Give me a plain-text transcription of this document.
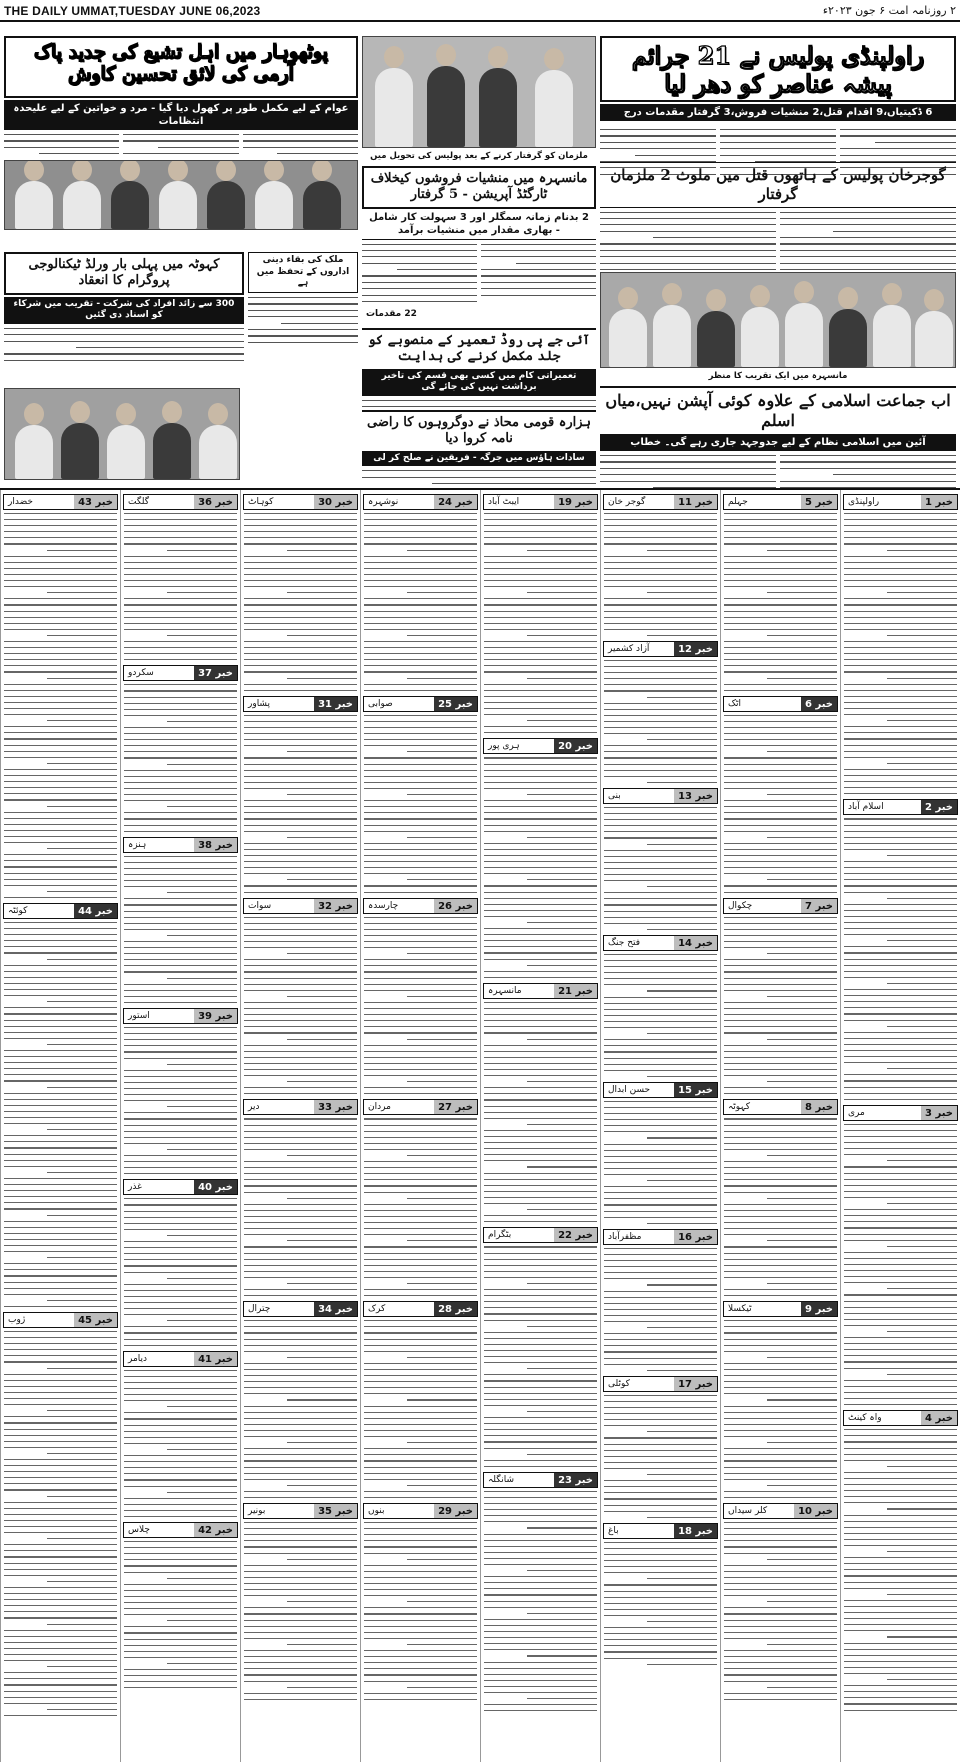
THE DAILY UMMAT,TUESDAY JUNE 06,2023	۲ روزنامہ امت ۶ جون ۲۰۲۳ء
راولپنڈی پولیس نے 21 جرائم پیشہ عناصر کو دھر لیا
6 ڈکیتیاں،9 اقدام قتل،2 منشیات فروش،3 گرفتار مقدمات درج
گوجرخان پولیس کے ہاتھوں قتل میں ملوث 2 ملزمان گرفتار
مانسہرہ میں ایک تقریب کا منظر
اب جماعت اسلامی کے علاوہ کوئی آپشن نہیں،میاں اسلم
آئین میں اسلامی نظام کے لیے جدوجہد جاری رہے گی۔ خطاب
ملزمان کو گرفتار کرنے کے بعد پولیس کی تحویل میں
مانسہرہ میں منشیات فروشوں کیخلاف ٹارگٹڈ آپریشن - 5 گرفتار
2 بدنام زمانہ سمگلر اور 3 سہولت کار شامل - بھاری مقدار میں منشیات برآمد
22 مقدمات
آئی جے پی روڈ تعمیر کے منصوبے کو جلد مکمل کرنے کی ہدایت
تعمیراتی کام میں کسی بھی قسم کی تاخیر برداشت نہیں کی جائے گی
ہزارہ قومی محاذ نے دوگروہوں کا راضی نامہ کروا دیا
سادات ہاؤس میں جرگہ - فریقین نے صلح کر لی
پوٹھوہار میں اہل تشیع کی جدید پاک آرمی کی لائق تحسین کاوش
عوام کے لیے مکمل طور پر کھول دیا گیا - مرد و خواتین کے لیے علیحدہ انتظامات
کہوٹہ میں پہلی بار ورلڈ ٹیکنالوجی پروگرام کا انعقاد
300 سے زائد افراد کی شرکت - تقریب میں شرکاء کو اسناد دی گئیں
ملک کی بقاء دینی اداروں کے تحفظ میں ہے
خبر 1
راولپنڈی
خبر 2
اسلام آباد
خبر 3
مری
خبر 4
واہ کینٹ
خبر 5
جہلم
خبر 6
اٹک
خبر 7
چکوال
خبر 8
کہوٹہ
خبر 9
ٹیکسلا
خبر 10
کلر سیداں
خبر 11
گوجر خان
خبر 12
آزاد کشمیر
خبر 13
بنی
خبر 14
فتح جنگ
خبر 15
حسن ابدال
خبر 16
مظفرآباد
خبر 17
کوٹلی
خبر 18
باغ
خبر 19
ایبٹ آباد
خبر 20
ہری پور
خبر 21
مانسہرہ
خبر 22
بٹگرام
خبر 23
شانگلہ
خبر 24
نوشہرہ
خبر 25
صوابی
خبر 26
چارسدہ
خبر 27
مردان
خبر 28
کرک
خبر 29
بنوں
خبر 30
کوہاٹ
خبر 31
پشاور
خبر 32
سوات
خبر 33
دیر
خبر 34
چترال
خبر 35
بونیر
خبر 36
گلگت
خبر 37
سکردو
خبر 38
ہنزہ
خبر 39
استور
خبر 40
غذر
خبر 41
دیامر
خبر 42
چلاس
خبر 43
خضدار
خبر 44
کوئٹہ
خبر 45
ژوب
